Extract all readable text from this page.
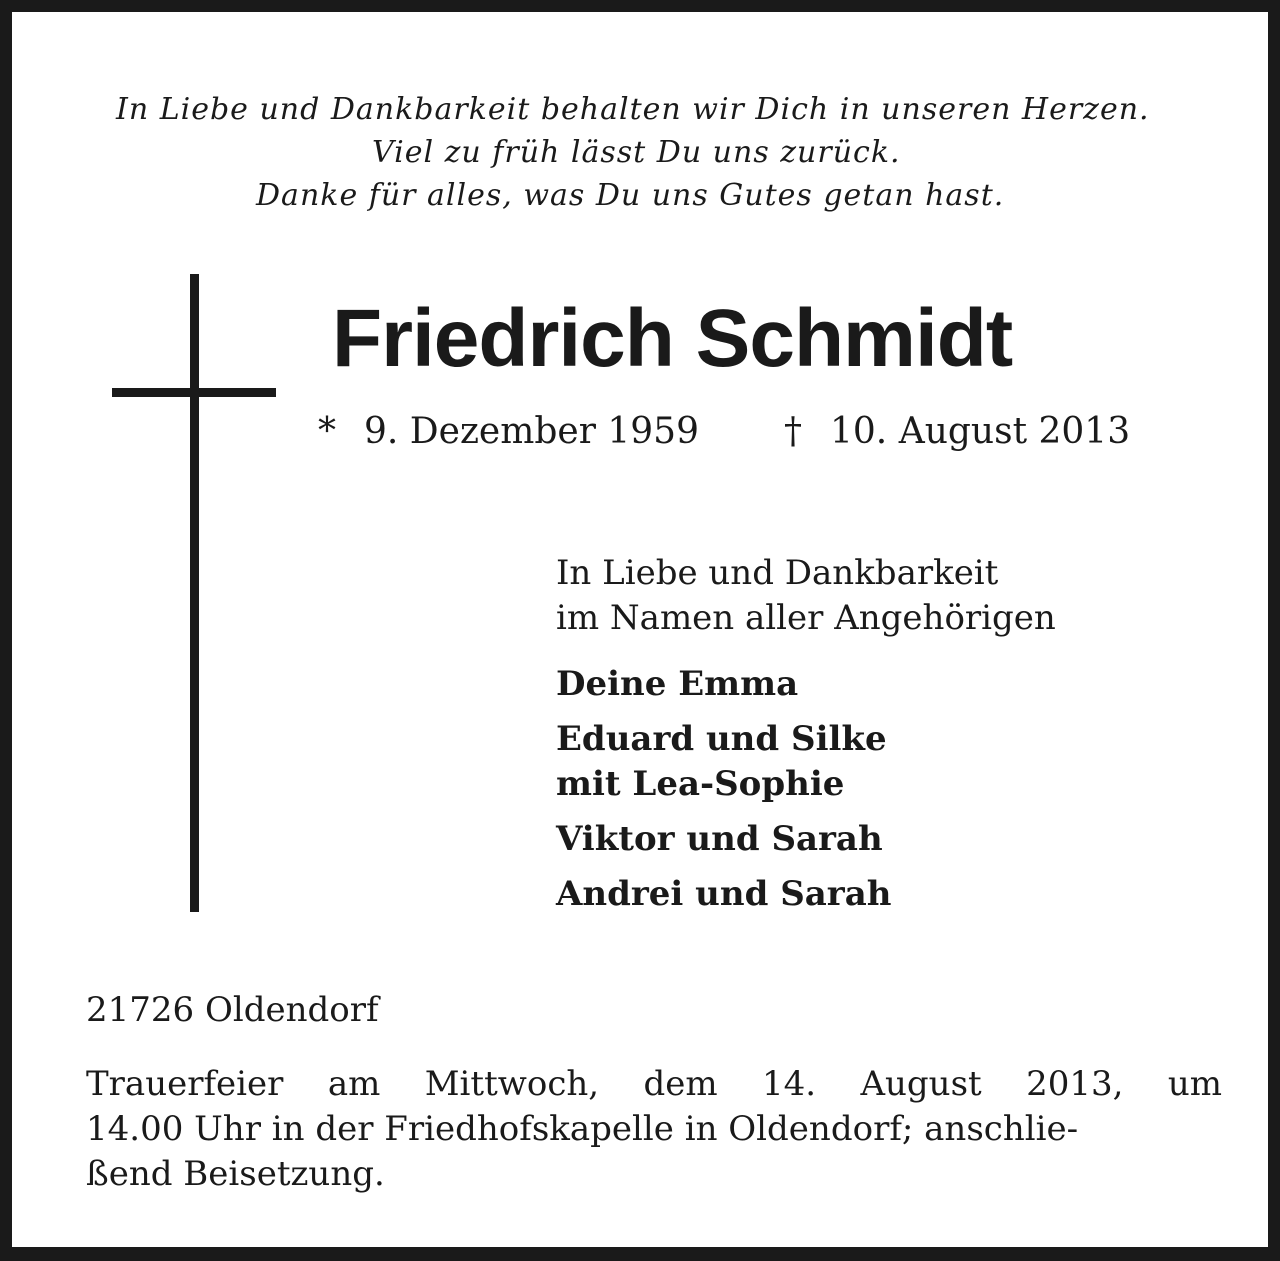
In Liebe und Dankbarkeit behalten wir Dich in unseren Herzen.
Viel zu früh lässt Du uns zurück.
Danke für alles, was Du uns Gutes getan hast.
Friedrich Schmidt
* 9. Dezember 1959 † 10. August 2013
In Liebe und Dankbarkeit
im Namen aller Angehörigen
Deine Emma
Eduard und Silke
mit Lea-Sophie
Viktor und Sarah
Andrei und Sarah
21726 Oldendorf
Trauerfeier am Mittwoch, dem 14. August 2013, um
14.00 Uhr in der Friedhofskapelle in Oldendorf; anschlie-
ßend Beisetzung.
